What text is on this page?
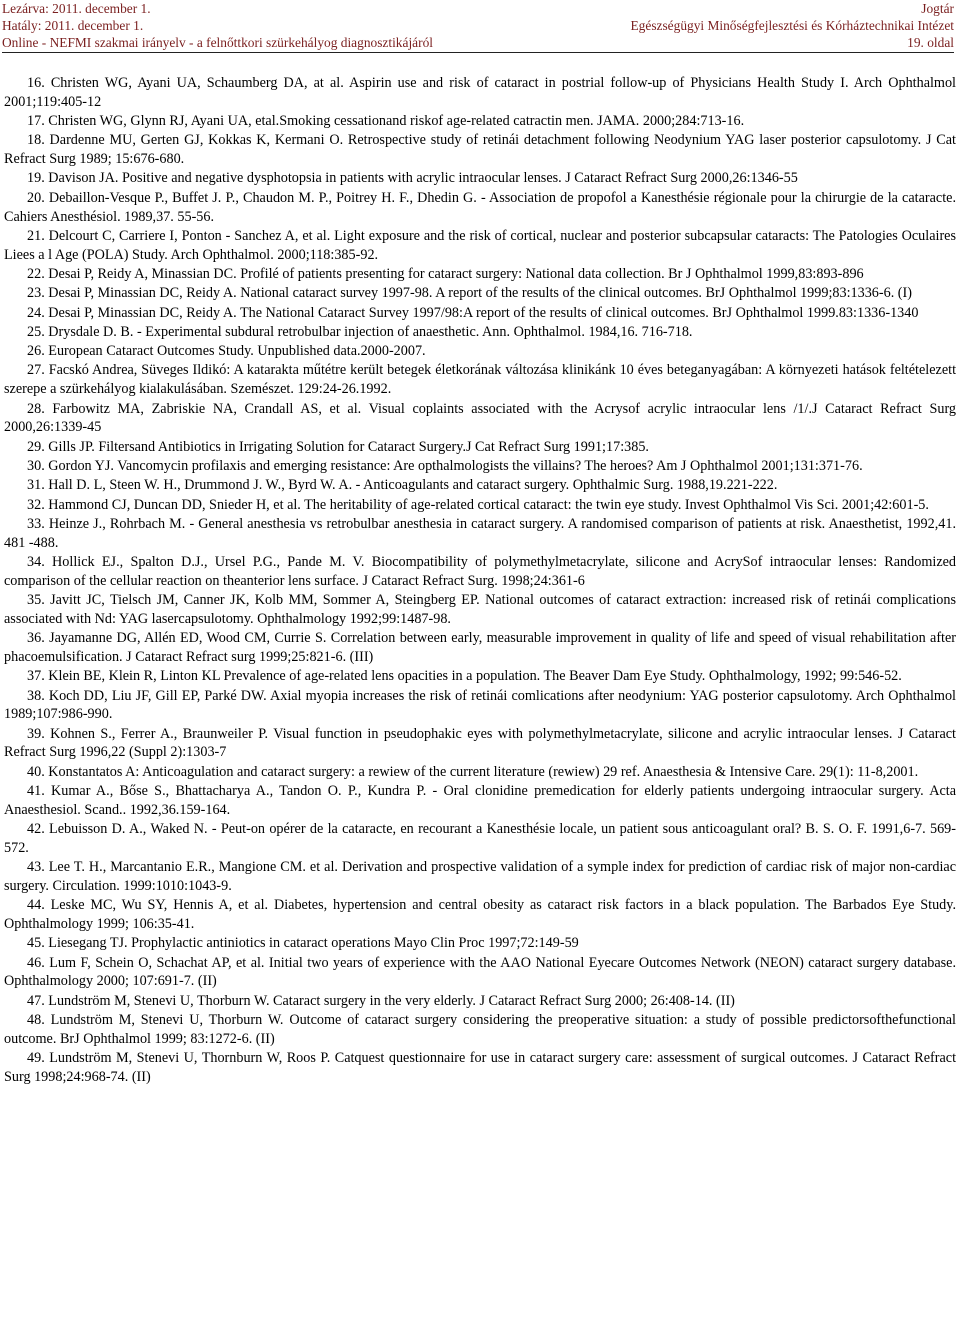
Lezárva: 2011. december 1.	Jogtár
Hatály: 2011. december 1.	Egészségügyi Minőségfejlesztési és Kórháztechnikai Intézet
Online - NEFMI szakmai irányelv - a felnőttkori szürkehályog diagnosztikájáról	19. oldal

16. Christen WG, Ayani UA, Schaumberg DA, at al. Aspirin use and risk of cataract in postrial follow-up of Physicians Health Study I. Arch Ophthalmol 2001;119:405-12

17. Christen WG, Glynn RJ, Ayani UA, etal.Smoking cessationand riskof age-related catractin men. JAMA. 2000;284:713-16.

18. Dardenne MU, Gerten GJ, Kokkas K, Kermani O. Retrospective study of retinái detachment following Neodynium YAG laser posterior capsulotomy. J Cat Refract Surg 1989; 15:676-680.

19. Davison JA. Positive and negative dysphotopsia in patients with acrylic intraocular lenses. J Cataract Refract Surg 2000,26:1346-55

20. Debaillon-Vesque P., Buffet J. P., Chaudon M. P., Poitrey H. F., Dhedin G. - Association de propofol a Kanesthésie régionale pour la chirurgie de la cataracte. Cahiers Anesthésiol. 1989,37. 55-56.

21. Delcourt C, Carriere I, Ponton - Sanchez A, et al. Light exposure and the risk of cortical, nuclear and posterior subcapsular cataracts: The Patologies Oculaires Liees a l Age (POLA) Study. Arch Ophthalmol. 2000;118:385-92.

22. Desai P, Reidy A, Minassian DC. Profilé of patients presenting for cataract surgery: National data collection. Br J Ophthalmol 1999,83:893-896

23. Desai P, Minassian DC, Reidy A. National cataract survey 1997-98. A report of the results of the clinical outcomes. BrJ Ophthalmol 1999;83:1336-6. (I)

24. Desai P, Minassian DC, Reidy A. The National Cataract Survey 1997/98:A report of the results of clinical outcomes. BrJ Ophthalmol 1999.83:1336-1340

25. Drysdale D. B. - Experimental subdural retrobulbar injection of anaesthetic. Ann. Ophthalmol. 1984,16. 716-718.

26. European Cataract Outcomes Study. Unpublished data.2000-2007.

27. Facskó Andrea, Süveges Ildikó: A katarakta műtétre került betegek életkorának változása klinikánk 10 éves beteganyagában: A környezeti hatások feltételezett szerepe a szürkehályog kialakulásában. Szemészet. 129:24-26.1992.

28. Farbowitz MA, Zabriskie NA, Crandall AS, et al. Visual coplaints associated with the Acrysof acrylic intraocular lens /1/.J Cataract Refract Surg 2000,26:1339-45

29. Gills JP. Filtersand Antibiotics in Irrigating Solution for Cataract Surgery.J Cat Refract Surg 1991;17:385.

30. Gordon YJ. Vancomycin profilaxis and emerging resistance: Are opthalmologists the villains? The heroes? Am J Ophthalmol 2001;131:371-76.

31. Hall D. L, Steen W. H., Drummond J. W., Byrd W. A. - Anticoagulants and cataract surgery. Ophthalmic Surg. 1988,19.221-222.

32. Hammond CJ, Duncan DD, Snieder H, et al. The heritability of age-related cortical cataract: the twin eye study. Invest Ophthalmol Vis Sci. 2001;42:601-5.

33. Heinze J., Rohrbach M. - General anesthesia vs retrobulbar anesthesia in cataract surgery. A randomised comparison of patients at risk. Anaesthetist, 1992,41. 481 -488.

34. Hollick EJ., Spalton D.J., Ursel P.G., Pande M. V. Biocompatibility of polymethylmetacrylate, silicone and AcrySof intraocular lenses: Randomized comparison of the cellular reaction on theanterior lens surface. J Cataract Refract Surg. 1998;24:361-6

35. Javitt JC, Tielsch JM, Canner JK, Kolb MM, Sommer A, Steingberg EP. National outcomes of cataract extraction: increased risk of retinái complications associated with Nd: YAG lasercapsulotomy. Ophthalmology 1992;99:1487-98.

36. Jayamanne DG, Allén ED, Wood CM, Currie S. Correlation between early, measurable improvement in quality of life and speed of visual rehabilitation after phacoemulsification. J Cataract Refract surg 1999;25:821-6. (III)

37. Klein BE, Klein R, Linton KL Prevalence of age-related lens opacities in a population. The Beaver Dam Eye Study. Ophthalmology, 1992; 99:546-52.

38. Koch DD, Liu JF, Gill EP, Parké DW. Axial myopia increases the risk of retinái comlications after neodynium: YAG posterior capsulotomy. Arch Ophthalmol 1989;107:986-990.

39. Kohnen S., Ferrer A., Braunweiler P. Visual function in pseudophakic eyes with polymethylmetacrylate, silicone and acrylic intraocular lenses. J Cataract Refract Surg 1996,22 (Suppl 2):1303-7

40. Konstantatos A: Anticoagulation and cataract surgery: a rewiew of the current literature (rewiew) 29 ref. Anaesthesia & Intensive Care. 29(1): 11-8,2001.

41. Kumar A., Bőse S., Bhattacharya A., Tandon O. P., Kundra P. - Oral clonidine premedication for elderly patients undergoing intraocular surgery. Acta Anaesthesiol. Scand.. 1992,36.159-164.

42. Lebuisson D. A., Waked N. - Peut-on opérer de la cataracte, en recourant a Kanesthésie locale, un patient sous anticoagulant oral? B. S. O. F. 1991,6-7. 569-572.

43. Lee T. H., Marcantanio E.R., Mangione CM. et al. Derivation and prospective validation of a symple index for prediction of cardiac risk of major non-cardiac surgery. Circulation. 1999:1010:1043-9.

44. Leske MC, Wu SY, Hennis A, et al. Diabetes, hypertension and central obesity as cataract risk factors in a black population. The Barbados Eye Study. Ophthalmology 1999; 106:35-41.

45. Liesegang TJ. Prophylactic antiniotics in cataract operations Mayo Clin Proc 1997;72:149-59

46. Lum F, Schein O, Schachat AP, et al. Initial two years of experience with the AAO National Eyecare Outcomes Network (NEON) cataract surgery database. Ophthalmology 2000; 107:691-7. (II)

47. Lundström M, Stenevi U, Thorburn W. Cataract surgery in the very elderly. J Cataract Refract Surg 2000; 26:408-14. (II)

48. Lundström M, Stenevi U, Thorburn W. Outcome of cataract surgery considering the preoperative situation: a study of possible predictorsofthefunctional outcome. BrJ Ophthalmol 1999; 83:1272-6. (II)

49. Lundström M, Stenevi U, Thornburn W, Roos P. Catquest questionnaire for use in cataract surgery care: assessment of surgical outcomes. J Cataract Refract Surg 1998;24:968-74. (II)
